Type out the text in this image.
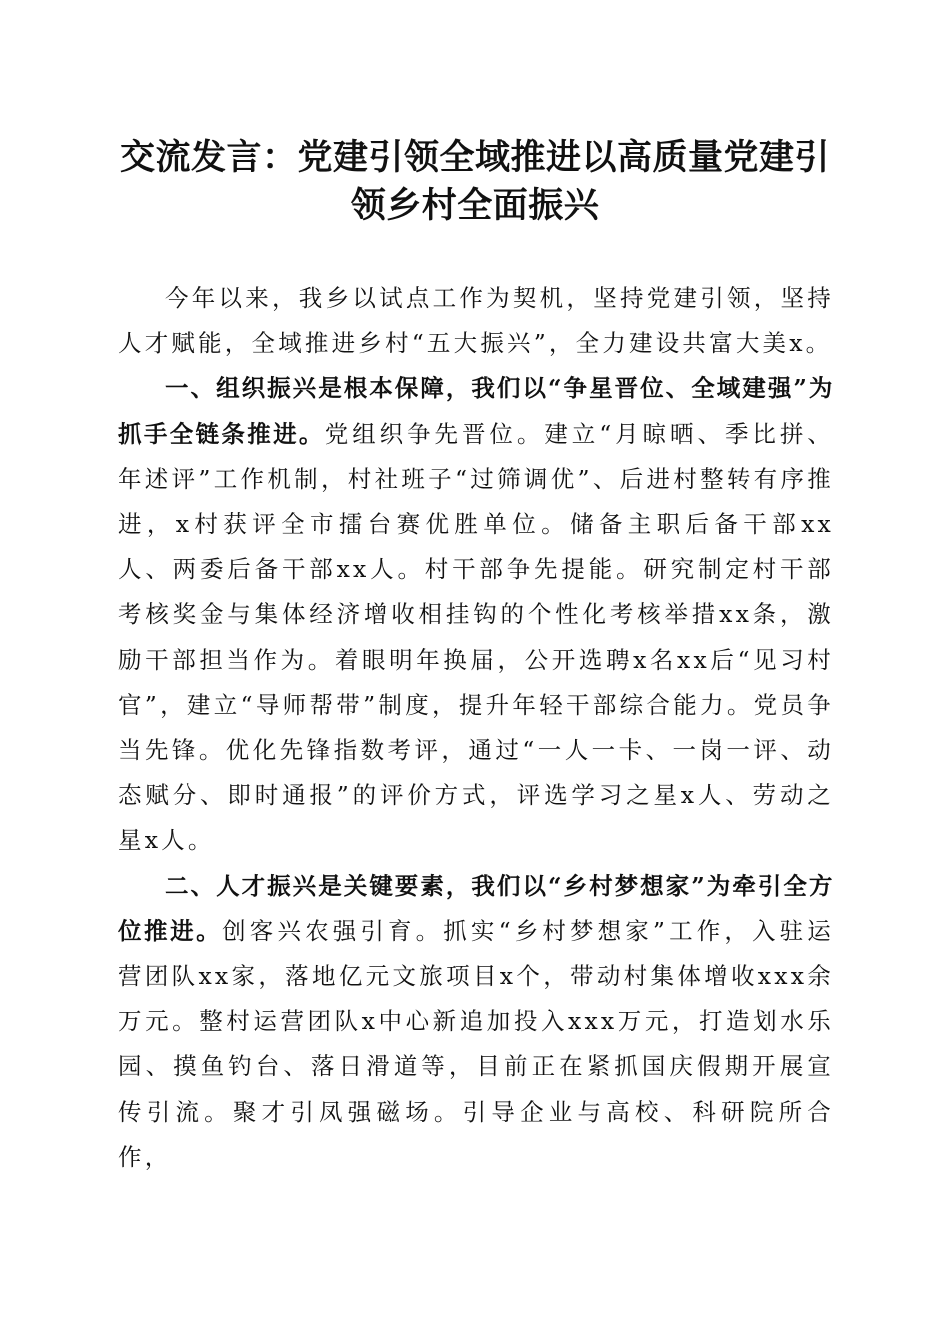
交流发言：党建引领全域推进以高质量党建引领乡村全面振兴

今年以来，我乡以试点工作为契机，坚持党建引领，坚持人才赋能，全域推进乡村“五大振兴”，全力建设共富大美x。

一、组织振兴是根本保障，我们以“争星晋位、全域建强”为抓手全链条推进。党组织争先晋位。建立“月晾晒、季比拼、年述评”工作机制，村社班子“过筛调优”、后进村整转有序推进，x村获评全市擂台赛优胜单位。储备主职后备干部xx人、两委后备干部xx人。村干部争先提能。研究制定村干部考核奖金与集体经济增收相挂钩的个性化考核举措xx条，激励干部担当作为。着眼明年换届，公开选聘x名xx后“见习村官”，建立“导师帮带”制度，提升年轻干部综合能力。党员争当先锋。优化先锋指数考评，通过“一人一卡、一岗一评、动态赋分、即时通报”的评价方式，评选学习之星x人、劳动之星x人。

二、人才振兴是关键要素，我们以“乡村梦想家”为牵引全方位推进。创客兴农强引育。抓实“乡村梦想家”工作，入驻运营团队xx家，落地亿元文旅项目x个，带动村集体增收xxx余万元。整村运营团队x中心新追加投入xxx万元，打造划水乐园、摸鱼钓台、落日滑道等，目前正在紧抓国庆假期开展宣传引流。聚才引凤强磁场。引导企业与高校、科研院所合作，
